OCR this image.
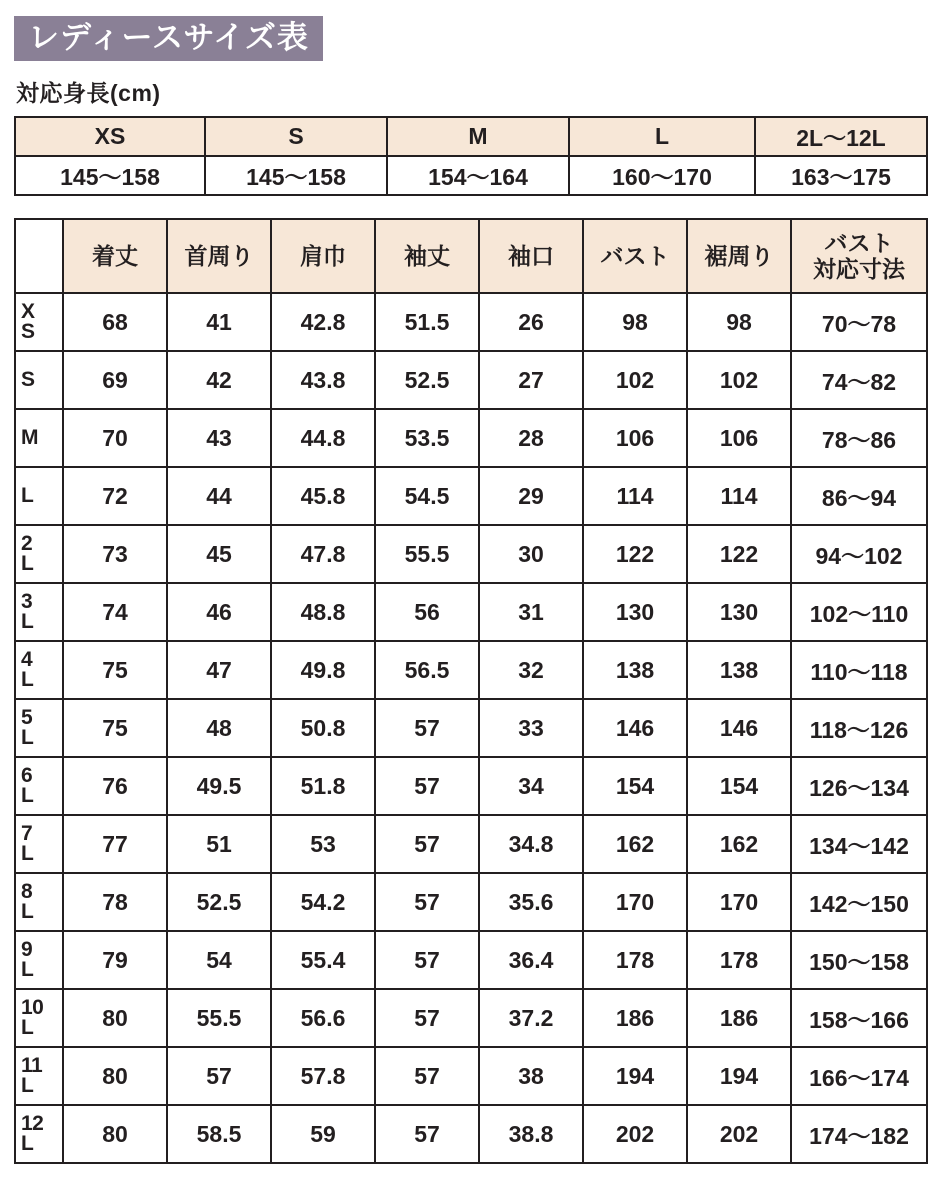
レディースサイズ表
対応身長(cm)
XS	S	M	L	2L〜12L
145〜158	145〜158	154〜164	160〜170	163〜175
	着丈	首周り	肩巾	袖丈	袖口	バスト	裾周り	バスト
対応寸法

X
S	68	41	42.8	51.5	26	98	98	70〜78

S	69	42	43.8	52.5	27	102	102	74〜82

M	70	43	44.8	53.5	28	106	106	78〜86

L	72	44	45.8	54.5	29	114	114	86〜94

2
L	73	45	47.8	55.5	30	122	122	94〜102

3
L	74	46	48.8	56	31	130	130	102〜110

4
L	75	47	49.8	56.5	32	138	138	110〜118

5
L	75	48	50.8	57	33	146	146	118〜126

6
L	76	49.5	51.8	57	34	154	154	126〜134

7
L	77	51	53	57	34.8	162	162	134〜142

8
L	78	52.5	54.2	57	35.6	170	170	142〜150

9
L	79	54	55.4	57	36.4	178	178	150〜158

10
L	80	55.5	56.6	57	37.2	186	186	158〜166

11
L	80	57	57.8	57	38	194	194	166〜174

12
L	80	58.5	59	57	38.8	202	202	174〜182
